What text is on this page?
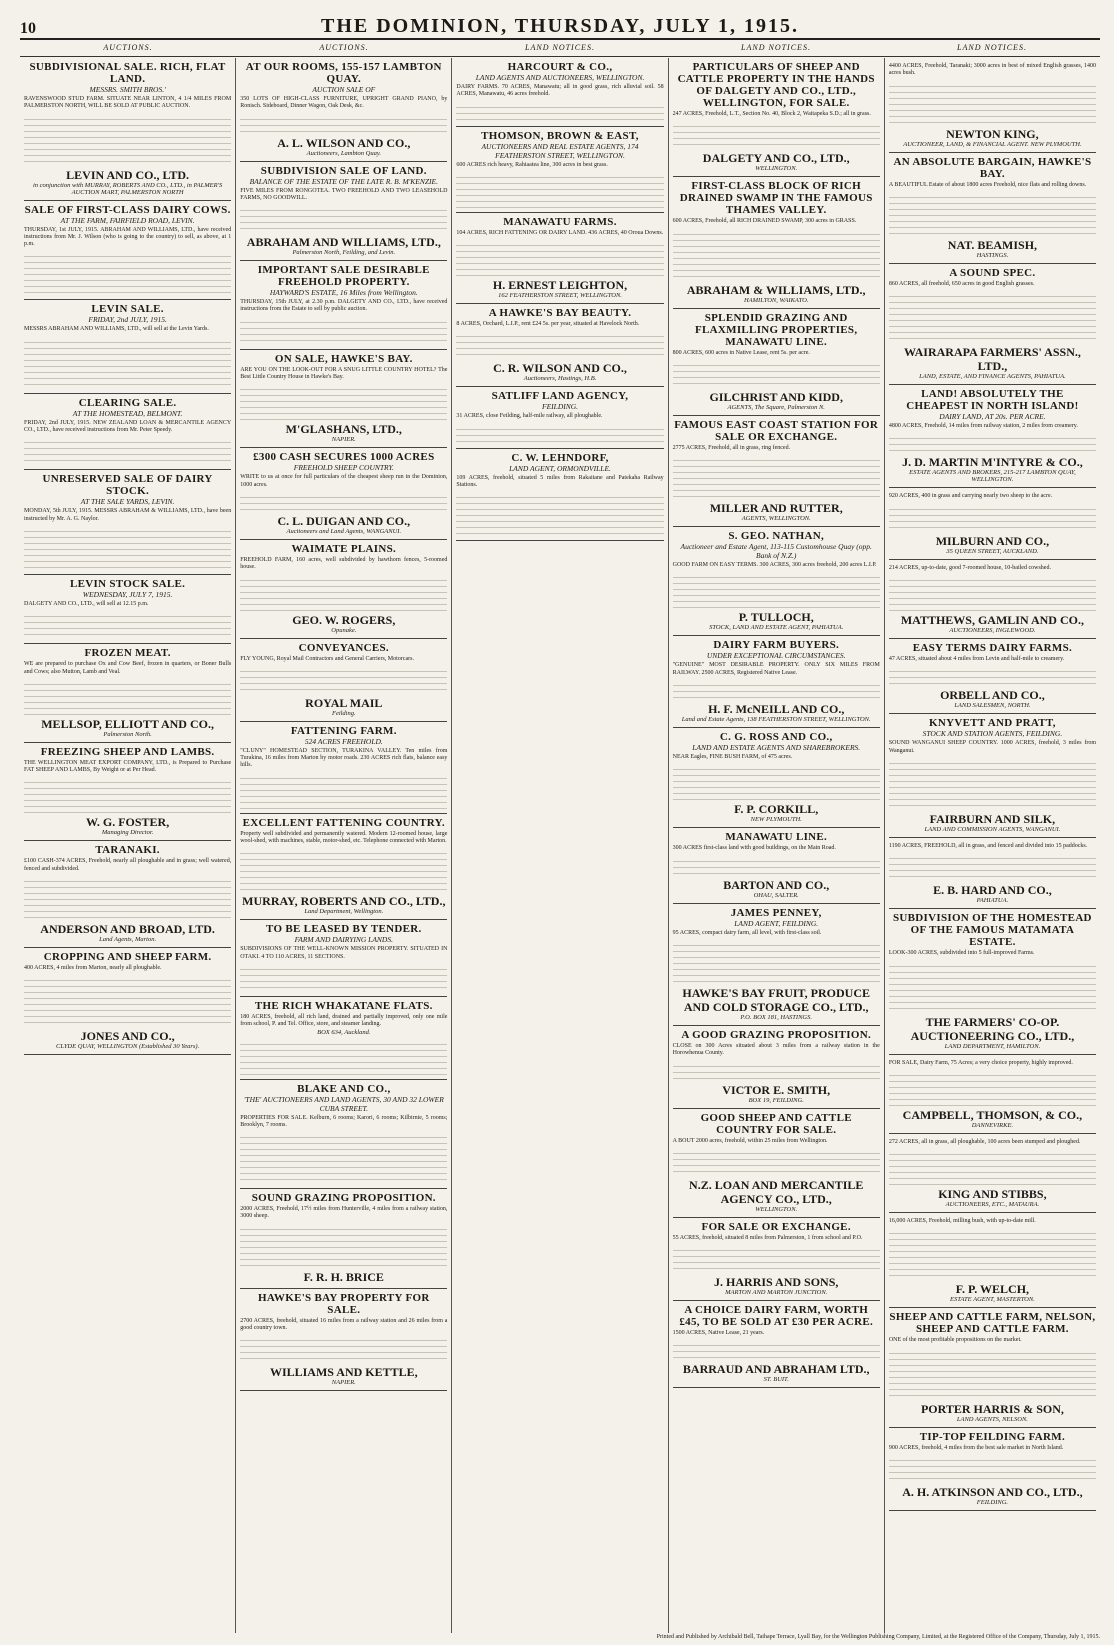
10	THE DOMINION, THURSDAY, JULY 1, 1915.
AUCTIONS.	AUCTIONS.	LAND NOTICES.	LAND NOTICES.	LAND NOTICES.
SUBDIVISIONAL SALE. RICH, FLAT LAND.
MESSRS. SMITH BROS.'
RAVENSWOOD STUD FARM. SITUATE NEAR LINTON, 4 1/4 MILES FROM PALMERSTON NORTH, WILL BE SOLD AT PUBLIC AUCTION.
LEVIN AND CO., LTD.
in conjunction with MURRAY, ROBERTS AND CO., LTD., in PALMER'S AUCTION MART, PALMERSTON NORTH
SALE OF FIRST-CLASS DAIRY COWS.
AT THE FARM, FAIRFIELD ROAD, LEVIN.
THURSDAY, 1st JULY, 1915. ABRAHAM AND WILLIAMS, LTD., have received instructions from Mr. J. Wilson (who is going to the country) to sell, as above, at 1 p.m.
LEVIN SALE.
FRIDAY, 2nd JULY, 1915.
MESSRS ABRAHAM AND WILLIAMS, LTD., will sell at the Levin Yards.
CLEARING SALE.
AT THE HOMESTEAD, BELMONT.
FRIDAY, 2nd JULY, 1915. NEW ZEALAND LOAN & MERCANTILE AGENCY CO., LTD., have received instructions from Mr. Peter Speedy.
UNRESERVED SALE OF DAIRY STOCK.
AT THE SALE YARDS, LEVIN.
MONDAY, 5th JULY, 1915. MESSRS ABRAHAM & WILLIAMS, LTD., have been instructed by Mr. A. G. Naylor.
LEVIN STOCK SALE.
WEDNESDAY, JULY 7, 1915.
DALGETY AND CO., LTD., will sell at 12.15 p.m.
FROZEN MEAT.
WE are prepared to purchase Ox and Cow Beef, frozen in quarters, or Boner Bulls and Cows; also Mutton, Lamb and Veal.
MELLSOP, ELLIOTT AND CO.,
Palmerston North.
FREEZING SHEEP AND LAMBS.
THE WELLINGTON MEAT EXPORT COMPANY, LTD., is Prepared to Purchase FAT SHEEP AND LAMBS, By Weight or at Per Head.
W. G. FOSTER,
Managing Director.
TARANAKI.
£100 CASH-374 ACRES, Freehold, nearly all ploughable and in grass; well watered, fenced and subdivided.
ANDERSON AND BROAD, LTD.
Land Agents, Marton.
CROPPING AND SHEEP FARM.
400 ACRES, 4 miles from Marton, nearly all ploughable.
JONES AND CO.,
CLYDE QUAY, WELLINGTON (Established 30 Years).
AT OUR ROOMS, 155-157 LAMBTON QUAY.
AUCTION SALE OF
350 LOTS OF HIGH-CLASS FURNITURE, UPRIGHT GRAND PIANO, by Ronisch. Sideboard, Dinner Wagon, Oak Desk, &c.
A. L. WILSON AND CO.,
Auctioneers, Lambton Quay.
SUBDIVISION SALE OF LAND.
BALANCE OF THE ESTATE OF THE LATE R. B. M'KENZIE.
FIVE MILES FROM RONGOTEA. TWO FREEHOLD AND TWO LEASEHOLD FARMS, NO GOODWILL.
ABRAHAM AND WILLIAMS, LTD.,
Palmerston North, Feilding, and Levin.
IMPORTANT SALE DESIRABLE FREEHOLD PROPERTY.
HAYWARD'S ESTATE, 16 Miles from Wellington.
THURSDAY, 15th JULY, at 2.30 p.m. DALGETY AND CO., LTD., have received instructions from the Estate to sell by public auction.
ON SALE, HAWKE'S BAY.
ARE YOU ON THE LOOK-OUT FOR A SNUG LITTLE COUNTRY HOTEL? The Best Little Country House in Hawke's Bay.
M'GLASHANS, LTD.,
NAPIER.
£300 CASH SECURES 1000 ACRES
FREEHOLD SHEEP COUNTRY.
WRITE to us at once for full particulars of the cheapest sheep run in the Dominion, 1000 acres.
C. L. DUIGAN AND CO.,
Auctioneers and Land Agents, WANGANUI.
WAIMATE PLAINS.
FREEHOLD FARM, 160 acres, well subdivided by hawthorn fences, 5-roomed house.
GEO. W. ROGERS,
Opunake.
CONVEYANCES.
FLY YOUNG, Royal Mail Contractors and General Carriers, Motorcars.
ROYAL MAIL
Feilding.
FATTENING FARM.
524 ACRES FREEHOLD.
"CLUNY" HOMESTEAD SECTION, TURAKINA VALLEY. Ten miles from Turakina, 16 miles from Marton by motor roads. 230 ACRES rich flats, balance easy hills.
EXCELLENT FATTENING COUNTRY.
Property well subdivided and permanently watered. Modern 12-roomed house, large wool-shed, with machines, stable, motor-shed, etc. Telephone connected with Marton.
MURRAY, ROBERTS AND CO., LTD.,
Land Department, Wellington.
TO BE LEASED BY TENDER.
FARM AND DAIRYING LANDS.
SUBDIVISIONS OF THE WELL-KNOWN MISSION PROPERTY. SITUATED IN OTAKI. 4 TO 110 ACRES, 11 SECTIONS.
THE RICH WHAKATANE FLATS.
180 ACRES, freehold, all rich land, drained and partially improved, only one mile from school, P. and Tel. Office, store, and steamer landing.
BOX 634, Auckland.
BLAKE AND CO.,
'THE' AUCTIONEERS AND LAND AGENTS, 30 AND 32 LOWER CUBA STREET.
PROPERTIES FOR SALE. Kelburn, 6 rooms; Karori, 6 rooms; Kilbirnie, 5 rooms; Brooklyn, 7 rooms.
SOUND GRAZING PROPOSITION.
2000 ACRES, Freehold, 17½ miles from Hunterville, 4 miles from a railway station, 3000 sheep.
F. R. H. BRICE
HAWKE'S BAY PROPERTY FOR SALE.
2700 ACRES, freehold, situated 16 miles from a railway station and 26 miles from a good country town.
WILLIAMS AND KETTLE,
NAPIER.
HARCOURT & CO.,
LAND AGENTS AND AUCTIONEERS, WELLINGTON.
DAIRY FARMS. 70 ACRES, Manawatu; all in good grass, rich alluvial soil. 58 ACRES, Manawatu, 46 acres freehold.
THOMSON, BROWN & EAST,
AUCTIONEERS AND REAL ESTATE AGENTS, 174 FEATHERSTON STREET, WELLINGTON.
600 ACRES rich heavy, Rahiaatea line, 300 acres in best grass.
MANAWATU FARMS.
104 ACRES, RICH FATTENING OR DAIRY LAND. 436 ACRES, 40 Oroua Downs.
H. ERNEST LEIGHTON,
162 FEATHERSTON STREET, WELLINGTON.
A HAWKE'S BAY BEAUTY.
8 ACRES, Orchard, L.I.P., rent £24 5s. per year, situated at Havelock North.
C. R. WILSON AND CO.,
Auctioneers, Hastings, H.B.
SATLIFF LAND AGENCY,
FEILDING.
31 ACRES, close Feilding, half-mile railway, all ploughable.
C. W. LEHNDORF,
LAND AGENT, ORMONDVILLE.
109 ACRES, freehold, situated 5 miles from Rakaitane and Patekaha Railway Stations.
PARTICULARS OF SHEEP AND CATTLE PROPERTY IN THE HANDS OF DALGETY AND CO., LTD., WELLINGTON, FOR SALE.
247 ACRES, Freehold, L.T., Section No. 40, Block 2, Waitapeka S.D.; all in grass.
DALGETY AND CO., LTD.,
WELLINGTON.
FIRST-CLASS BLOCK OF RICH DRAINED SWAMP IN THE FAMOUS THAMES VALLEY.
600 ACRES, Freehold, all RICH DRAINED SWAMP, 300 acres in GRASS.
ABRAHAM & WILLIAMS, LTD.,
HAMILTON, WAIKATO.
SPLENDID GRAZING AND FLAXMILLING PROPERTIES, MANAWATU LINE.
800 ACRES, 600 acres in Native Lease, rent 5s. per acre.
GILCHRIST AND KIDD,
AGENTS, The Square, Palmerston N.
FAMOUS EAST COAST STATION FOR SALE OR EXCHANGE.
2775 ACRES, Freehold, all in grass, ring fenced.
MILLER AND RUTTER,
AGENTS, WELLINGTON.
S. GEO. NATHAN,
Auctioneer and Estate Agent, 113-115 Customhouse Quay (opp. Bank of N.Z.)
GOOD FARM ON EASY TERMS. 300 ACRES, 300 acres freehold, 200 acres L.I.P.
P. TULLOCH,
STOCK, LAND AND ESTATE AGENT, PAHIATUA.
DAIRY FARM BUYERS.
UNDER EXCEPTIONAL CIRCUMSTANCES.
"GENUINE" MOST DESIRABLE PROPERTY. ONLY SIX MILES FROM RAILWAY. 2500 ACRES, Registered Native Lease.
H. F. McNEILL AND CO.,
Land and Estate Agents, 138 FEATHERSTON STREET, WELLINGTON.
C. G. ROSS AND CO.,
LAND AND ESTATE AGENTS AND SHAREBROKERS.
NEAR Eagles, FINE BUSH FARM, of 475 acres.
F. P. CORKILL,
NEW PLYMOUTH.
MANAWATU LINE.
300 ACRES first-class land with good buildings, on the Main Road.
BARTON AND CO.,
OHAU, SALTER.
JAMES PENNEY,
LAND AGENT, FEILDING.
95 ACRES, compact dairy farm, all level, with first-class soil.
HAWKE'S BAY FRUIT, PRODUCE AND COLD STORAGE CO., LTD.,
P.O. BOX 181, HASTINGS.
A GOOD GRAZING PROPOSITION.
CLOSE on 300 Acres situated about 3 miles from a railway station in the Horowhenua County.
VICTOR E. SMITH,
BOX 19, FEILDING.
GOOD SHEEP AND CATTLE COUNTRY FOR SALE.
A BOUT 2000 acres, freehold, within 25 miles from Wellington.
N.Z. LOAN AND MERCANTILE AGENCY CO., LTD.,
WELLINGTON.
FOR SALE OR EXCHANGE.
55 ACRES, freehold, situated 8 miles from Palmerston, 1 from school and P.O.
J. HARRIS AND SONS,
MARTON AND MARTON JUNCTION.
A CHOICE DAIRY FARM, WORTH £45, TO BE SOLD AT £30 PER ACRE.
1500 ACRES, Native Lease, 21 years.
BARRAUD AND ABRAHAM LTD.,
ST. BUIT.
4400 ACRES, Freehold, Taranaki; 3000 acres in best of mixed English grasses, 1400 acres bush.
NEWTON KING,
AUCTIONEER, LAND, & FINANCIAL AGENT. NEW PLYMOUTH.
AN ABSOLUTE BARGAIN, HAWKE'S BAY.
A BEAUTIFUL Estate of about 1800 acres Freehold, nice flats and rolling downs.
NAT. BEAMISH,
HASTINGS.
A SOUND SPEC.
860 ACRES, all freehold, 650 acres in good English grasses.
WAIRARAPA FARMERS' ASSN., LTD.,
LAND, ESTATE, AND FINANCE AGENTS, PAHIATUA.
LAND! ABSOLUTELY THE CHEAPEST IN NORTH ISLAND!
DAIRY LAND, AT 20s. PER ACRE.
4800 ACRES, Freehold, 14 miles from railway station, 2 miles from creamery.
J. D. MARTIN M'INTYRE & CO.,
ESTATE AGENTS AND BROKERS, 215-217 LAMBTON QUAY, WELLINGTON.
920 ACRES, 400 in grass and carrying nearly two sheep to the acre.
MILBURN AND CO.,
35 QUEEN STREET, AUCKLAND.
214 ACRES, up-to-date, good 7-roomed house, 10-bailed cowshed.
MATTHEWS, GAMLIN AND CO.,
AUCTIONEERS, INGLEWOOD.
EASY TERMS DAIRY FARMS.
47 ACRES, situated about 4 miles from Levin and half-mile to creamery.
ORBELL AND CO.,
LAND SALESMEN, NORTH.
KNYVETT AND PRATT,
STOCK AND STATION AGENTS, FEILDING.
SOUND WANGANUI SHEEP COUNTRY. 1000 ACRES, freehold, 3 miles from Wanganui.
FAIRBURN AND SILK,
LAND AND COMMISSION AGENTS, WANGANUI.
1190 ACRES, FREEHOLD, all in grass, and fenced and divided into 15 paddocks.
E. B. HARD AND CO.,
PAHIATUA.
SUBDIVISION OF THE HOMESTEAD OF THE FAMOUS MATAMATA ESTATE.
LOOK-300 ACRES, subdivided into 5 full-improved Farms.
THE FARMERS' CO-OP. AUCTIONEERING CO., LTD.,
LAND DEPARTMENT, HAMILTON.
FOR SALE, Dairy Farm, 75 Acres; a very choice property, highly improved.
CAMPBELL, THOMSON, & CO.,
DANNEVIRKE.
272 ACRES, all in grass, all ploughable, 100 acres been stumped and ploughed.
KING AND STIBBS,
AUCTIONEERS, ETC., MATAURA.
16,000 ACRES, Freehold, milling bush, with up-to-date mill.
F. P. WELCH,
ESTATE AGENT, MASTERTON.
SHEEP AND CATTLE FARM, NELSON, SHEEP AND CATTLE FARM.
ONE of the most profitable propositions on the market.
PORTER HARRIS & SON,
LAND AGENTS, NELSON.
TIP-TOP FEILDING FARM.
900 ACRES, freehold, 4 miles from the best sale market in North Island.
A. H. ATKINSON AND CO., LTD.,
FEILDING.
Printed and Published by Archibald Bell, Taihape Terrace, Lyall Bay, for the Wellington Publishing Company, Limited, at the Registered Office of the Company, Thursday, July 1, 1915.
